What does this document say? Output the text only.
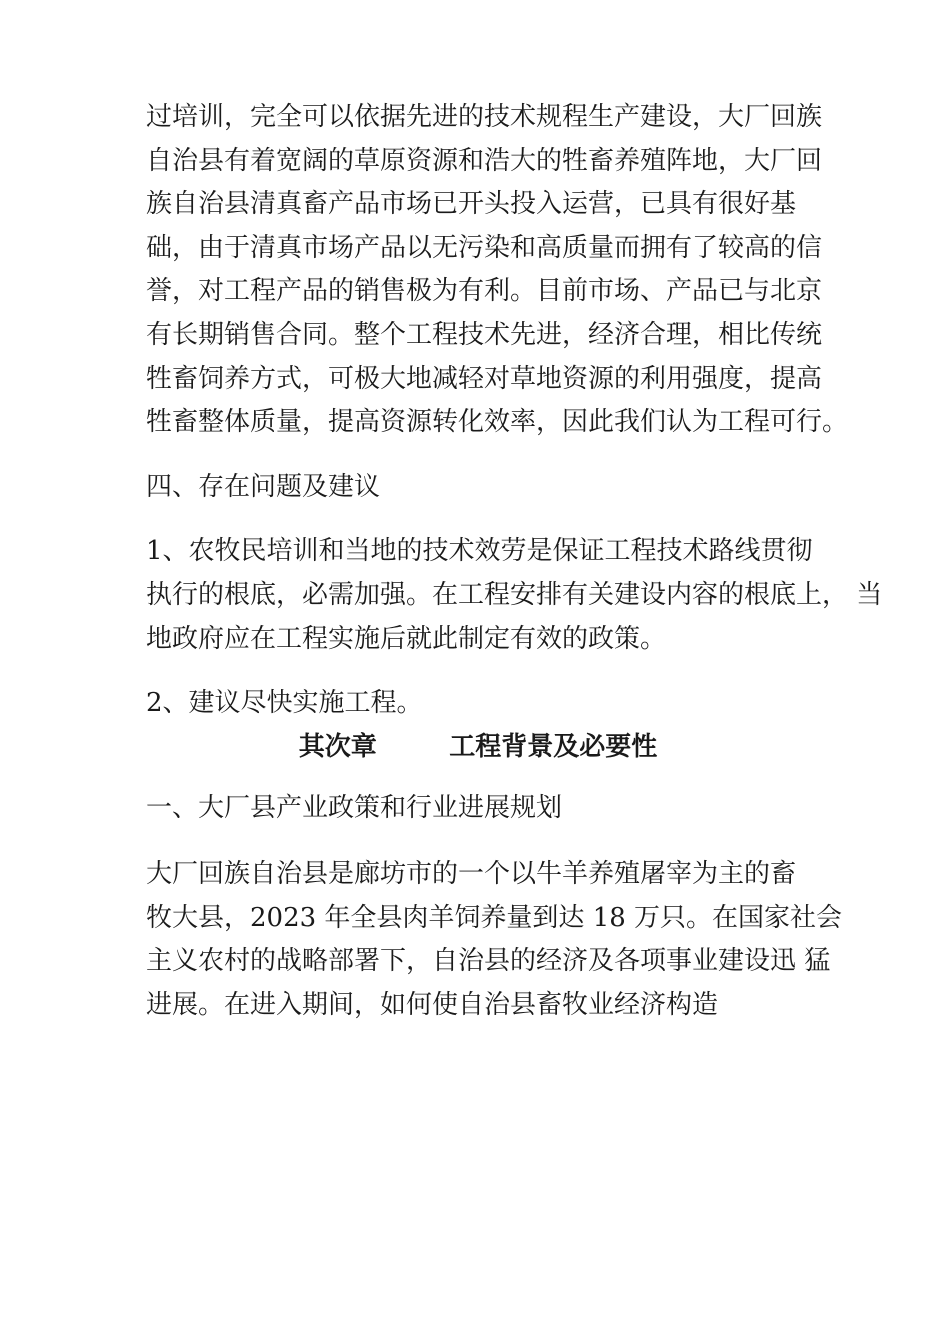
过培训，完全可以依据先进的技术规程生产建设，大厂回族
自治县有着宽阔的草原资源和浩大的牲畜养殖阵地，大厂回
族自治县清真畜产品市场已开头投入运营，已具有很好基
础，由于清真市场产品以无污染和高质量而拥有了较高的信
誉，对工程产品的销售极为有利。目前市场、产品已与北京
有长期销售合同。整个工程技术先进，经济合理，相比传统
牲畜饲养方式，可极大地减轻对草地资源的利用强度，提高
牲畜整体质量，提高资源转化效率，因此我们认为工程可行。

四、存在问题及建议

1、农牧民培训和当地的技术效劳是保证工程技术路线贯彻
执行的根底，必需加强。在工程安排有关建设内容的根底上， 当
地政府应在工程实施后就此制定有效的政策。

2、建议尽快实施工程。

其次章        工程背景及必要性

一、大厂县产业政策和行业进展规划

大厂回族自治县是廊坊市的一个以牛羊养殖屠宰为主的畜
牧大县，2023 年全县肉羊饲养量到达 18 万只。在国家社会
主义农村的战略部署下，自治县的经济及各项事业建设迅 猛
进展。在进入期间，如何使自治县畜牧业经济构造
